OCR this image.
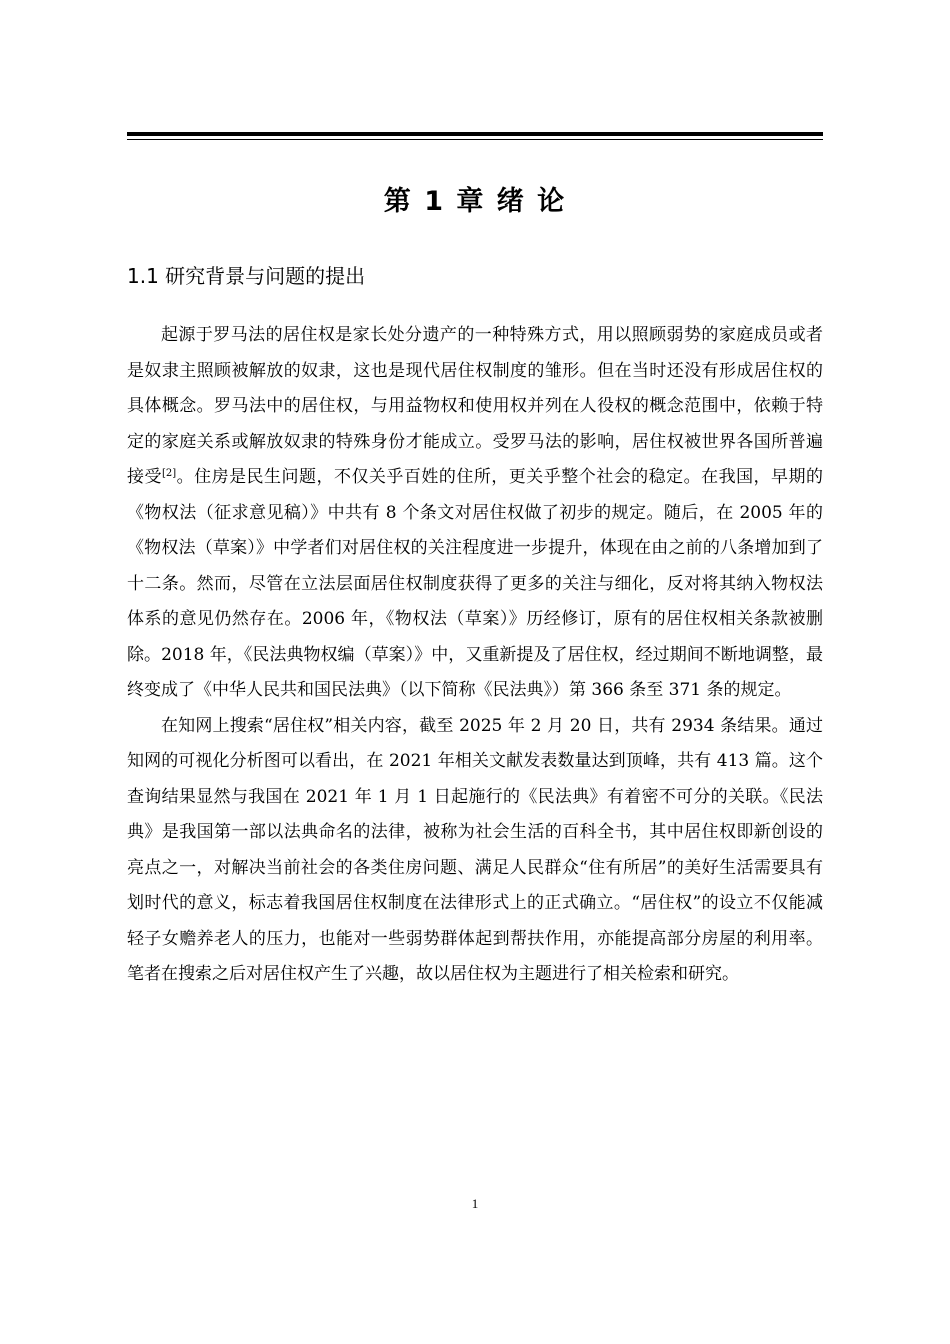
第 1 章 绪 论
1.1 研究背景与问题的提出

起源于罗马法的居住权是家长处分遗产的一种特殊方式，用以照顾弱势的家庭成员或者是奴隶主照顾被解放的奴隶，这也是现代居住权制度的雏形。但在当时还没有形成居住权的具体概念。罗马法中的居住权，与用益物权和使用权并列在人役权的概念范围中，依赖于特定的家庭关系或解放奴隶的特殊身份才能成立。受罗马法的影响，居住权被世界各国所普遍接受[2]。住房是民生问题，不仅关乎百姓的住所，更关乎整个社会的稳定。在我国，早期的《物权法（征求意见稿）》中共有 8 个条文对居住权做了初步的规定。随后，在 2005 年的《物权法（草案）》中学者们对居住权的关注程度进一步提升，体现在由之前的八条增加到了十二条。然而，尽管在立法层面居住权制度获得了更多的关注与细化，反对将其纳入物权法体系的意见仍然存在。2006 年，《物权法（草案）》历经修订，原有的居住权相关条款被删除。2018 年，《民法典物权编（草案）》中，又重新提及了居住权，经过期间不断地调整，最终变成了《中华人民共和国民法典》（以下简称《民法典》）第 366 条至 371 条的规定。

在知网上搜索“居住权”相关内容，截至 2025 年 2 月 20 日，共有 2934 条结果。通过知网的可视化分析图可以看出，在 2021 年相关文献发表数量达到顶峰，共有 413 篇。这个查询结果显然与我国在 2021 年 1 月 1 日起施行的《民法典》有着密不可分的关联。《民法典》是我国第一部以法典命名的法律，被称为社会生活的百科全书，其中居住权即新创设的亮点之一，对解决当前社会的各类住房问题、满足人民群众“住有所居”的美好生活需要具有划时代的意义，标志着我国居住权制度在法律形式上的正式确立。“居住权”的设立不仅能减轻子女赡养老人的压力，也能对一些弱势群体起到帮扶作用，亦能提高部分房屋的利用率。笔者在搜索之后对居住权产生了兴趣，故以居住权为主题进行了相关检索和研究。

1
